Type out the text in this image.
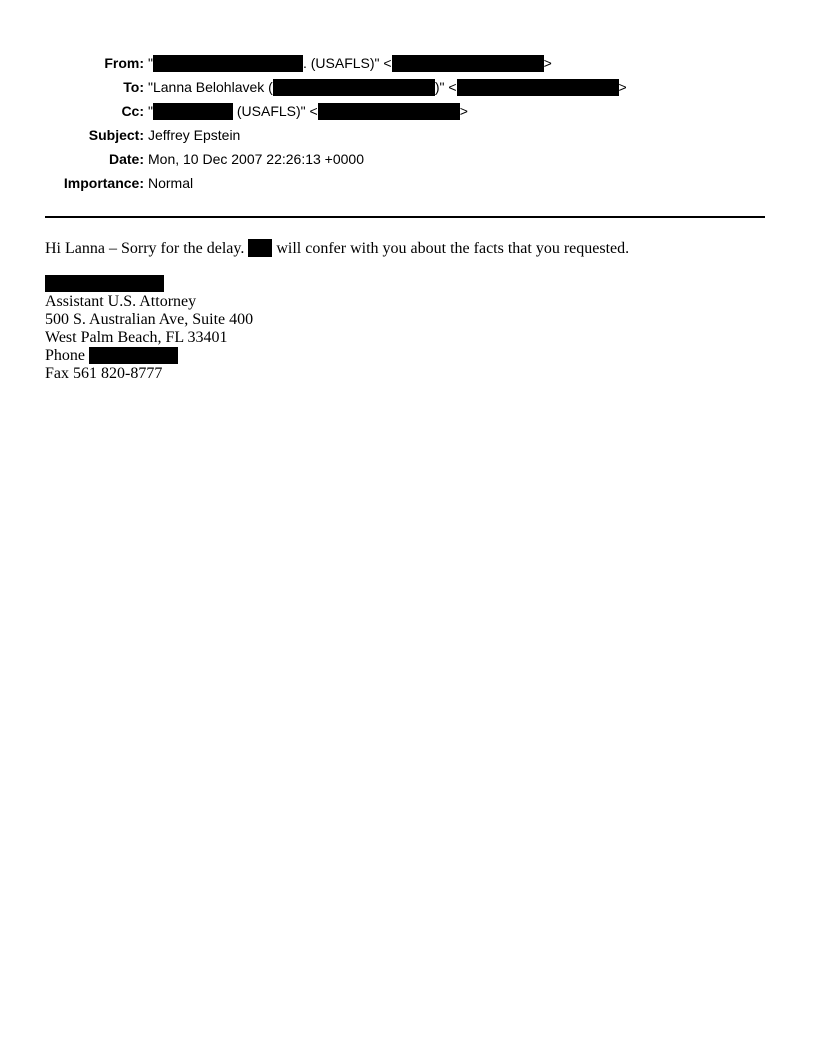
From: "	. (USAFLS)" <	>
To: "Lanna Belohlavek (	)" <	>
Cc: "	(USAFLS)" <	>
Subject: Jeffrey Epstein
Date: Mon, 10 Dec 2007 22:26:13 +0000
Importance: Normal
Hi Lanna – Sorry for the delay.  will confer with you about the facts that you requested.
Assistant U.S. Attorney
500 S. Australian Ave, Suite 400
West Palm Beach, FL 33401
Phone
Fax 561 820-8777
